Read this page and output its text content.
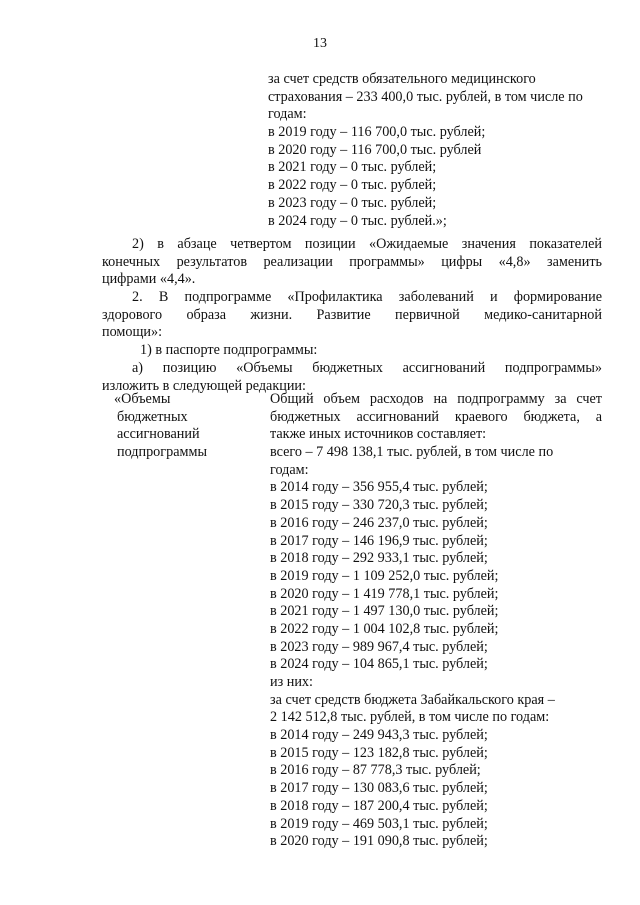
13
за счет средств обязательного медицинского
страхования – 233 400,0 тыс. рублей, в том числе по
годам:
в 2019 году – 116 700,0 тыс. рублей;
в 2020 году – 116 700,0 тыс. рублей
в 2021 году – 0 тыс. рублей;
в 2022 году – 0 тыс. рублей;
в 2023 году – 0 тыс. рублей;
в 2024 году – 0 тыс. рублей.»;
2) в абзаце четвертом позиции «Ожидаемые значения показателей
конечных результатов реализации программы» цифры «4,8» заменить
цифрами «4,4».
2. В подпрограмме «Профилактика заболеваний и формирование
здорового образа жизни. Развитие первичной медико-санитарной
помощи»:
1) в паспорте подпрограммы:
а) позицию «Объемы бюджетных ассигнований подпрограммы»
изложить в следующей редакции:
«Объемы
бюджетных
ассигнований
подпрограммы
Общий объем расходов на подпрограмму за счет
бюджетных ассигнований краевого бюджета, а
также иных источников составляет:
всего – 7 498 138,1 тыс. рублей, в том числе по
годам:
в 2014 году – 356 955,4 тыс. рублей;
в 2015 году – 330 720,3 тыс. рублей;
в 2016 году – 246 237,0 тыс. рублей;
в 2017 году – 146 196,9 тыс. рублей;
в 2018 году – 292 933,1 тыс. рублей;
в 2019 году – 1 109 252,0 тыс. рублей;
в 2020 году – 1 419 778,1 тыс. рублей;
в 2021 году – 1 497 130,0 тыс. рублей;
в 2022 году – 1 004 102,8 тыс. рублей;
в 2023 году – 989 967,4 тыс. рублей;
в 2024 году – 104 865,1 тыс. рублей;
из них:
за счет средств бюджета Забайкальского края –
2 142 512,8 тыс. рублей, в том числе по годам:
в 2014 году – 249 943,3 тыс. рублей;
в 2015 году – 123 182,8 тыс. рублей;
в 2016 году – 87 778,3 тыс. рублей;
в 2017 году – 130 083,6 тыс. рублей;
в 2018 году – 187 200,4 тыс. рублей;
в 2019 году – 469 503,1 тыс. рублей;
в 2020 году – 191 090,8 тыс. рублей;
